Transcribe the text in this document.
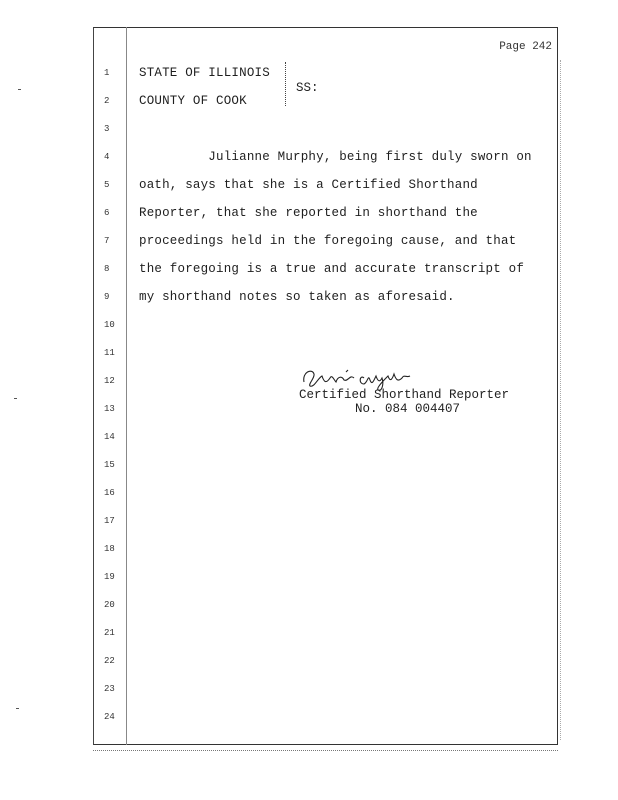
Page 242
1	STATE OF ILLINOIS
2	COUNTY OF COOK
3
4	Julianne Murphy, being first duly sworn on
5	oath, says that she is a Certified Shorthand
6	Reporter, that she reported in shorthand the
7	proceedings held in the foregoing cause, and that
8	the foregoing is a true and accurate transcript of
9	my shorthand notes so taken as aforesaid.
10
11
12
13
14
15
16
17
18
19
20
21
22
23
24
SS:
Certified Shorthand Reporter
No. 084 004407
